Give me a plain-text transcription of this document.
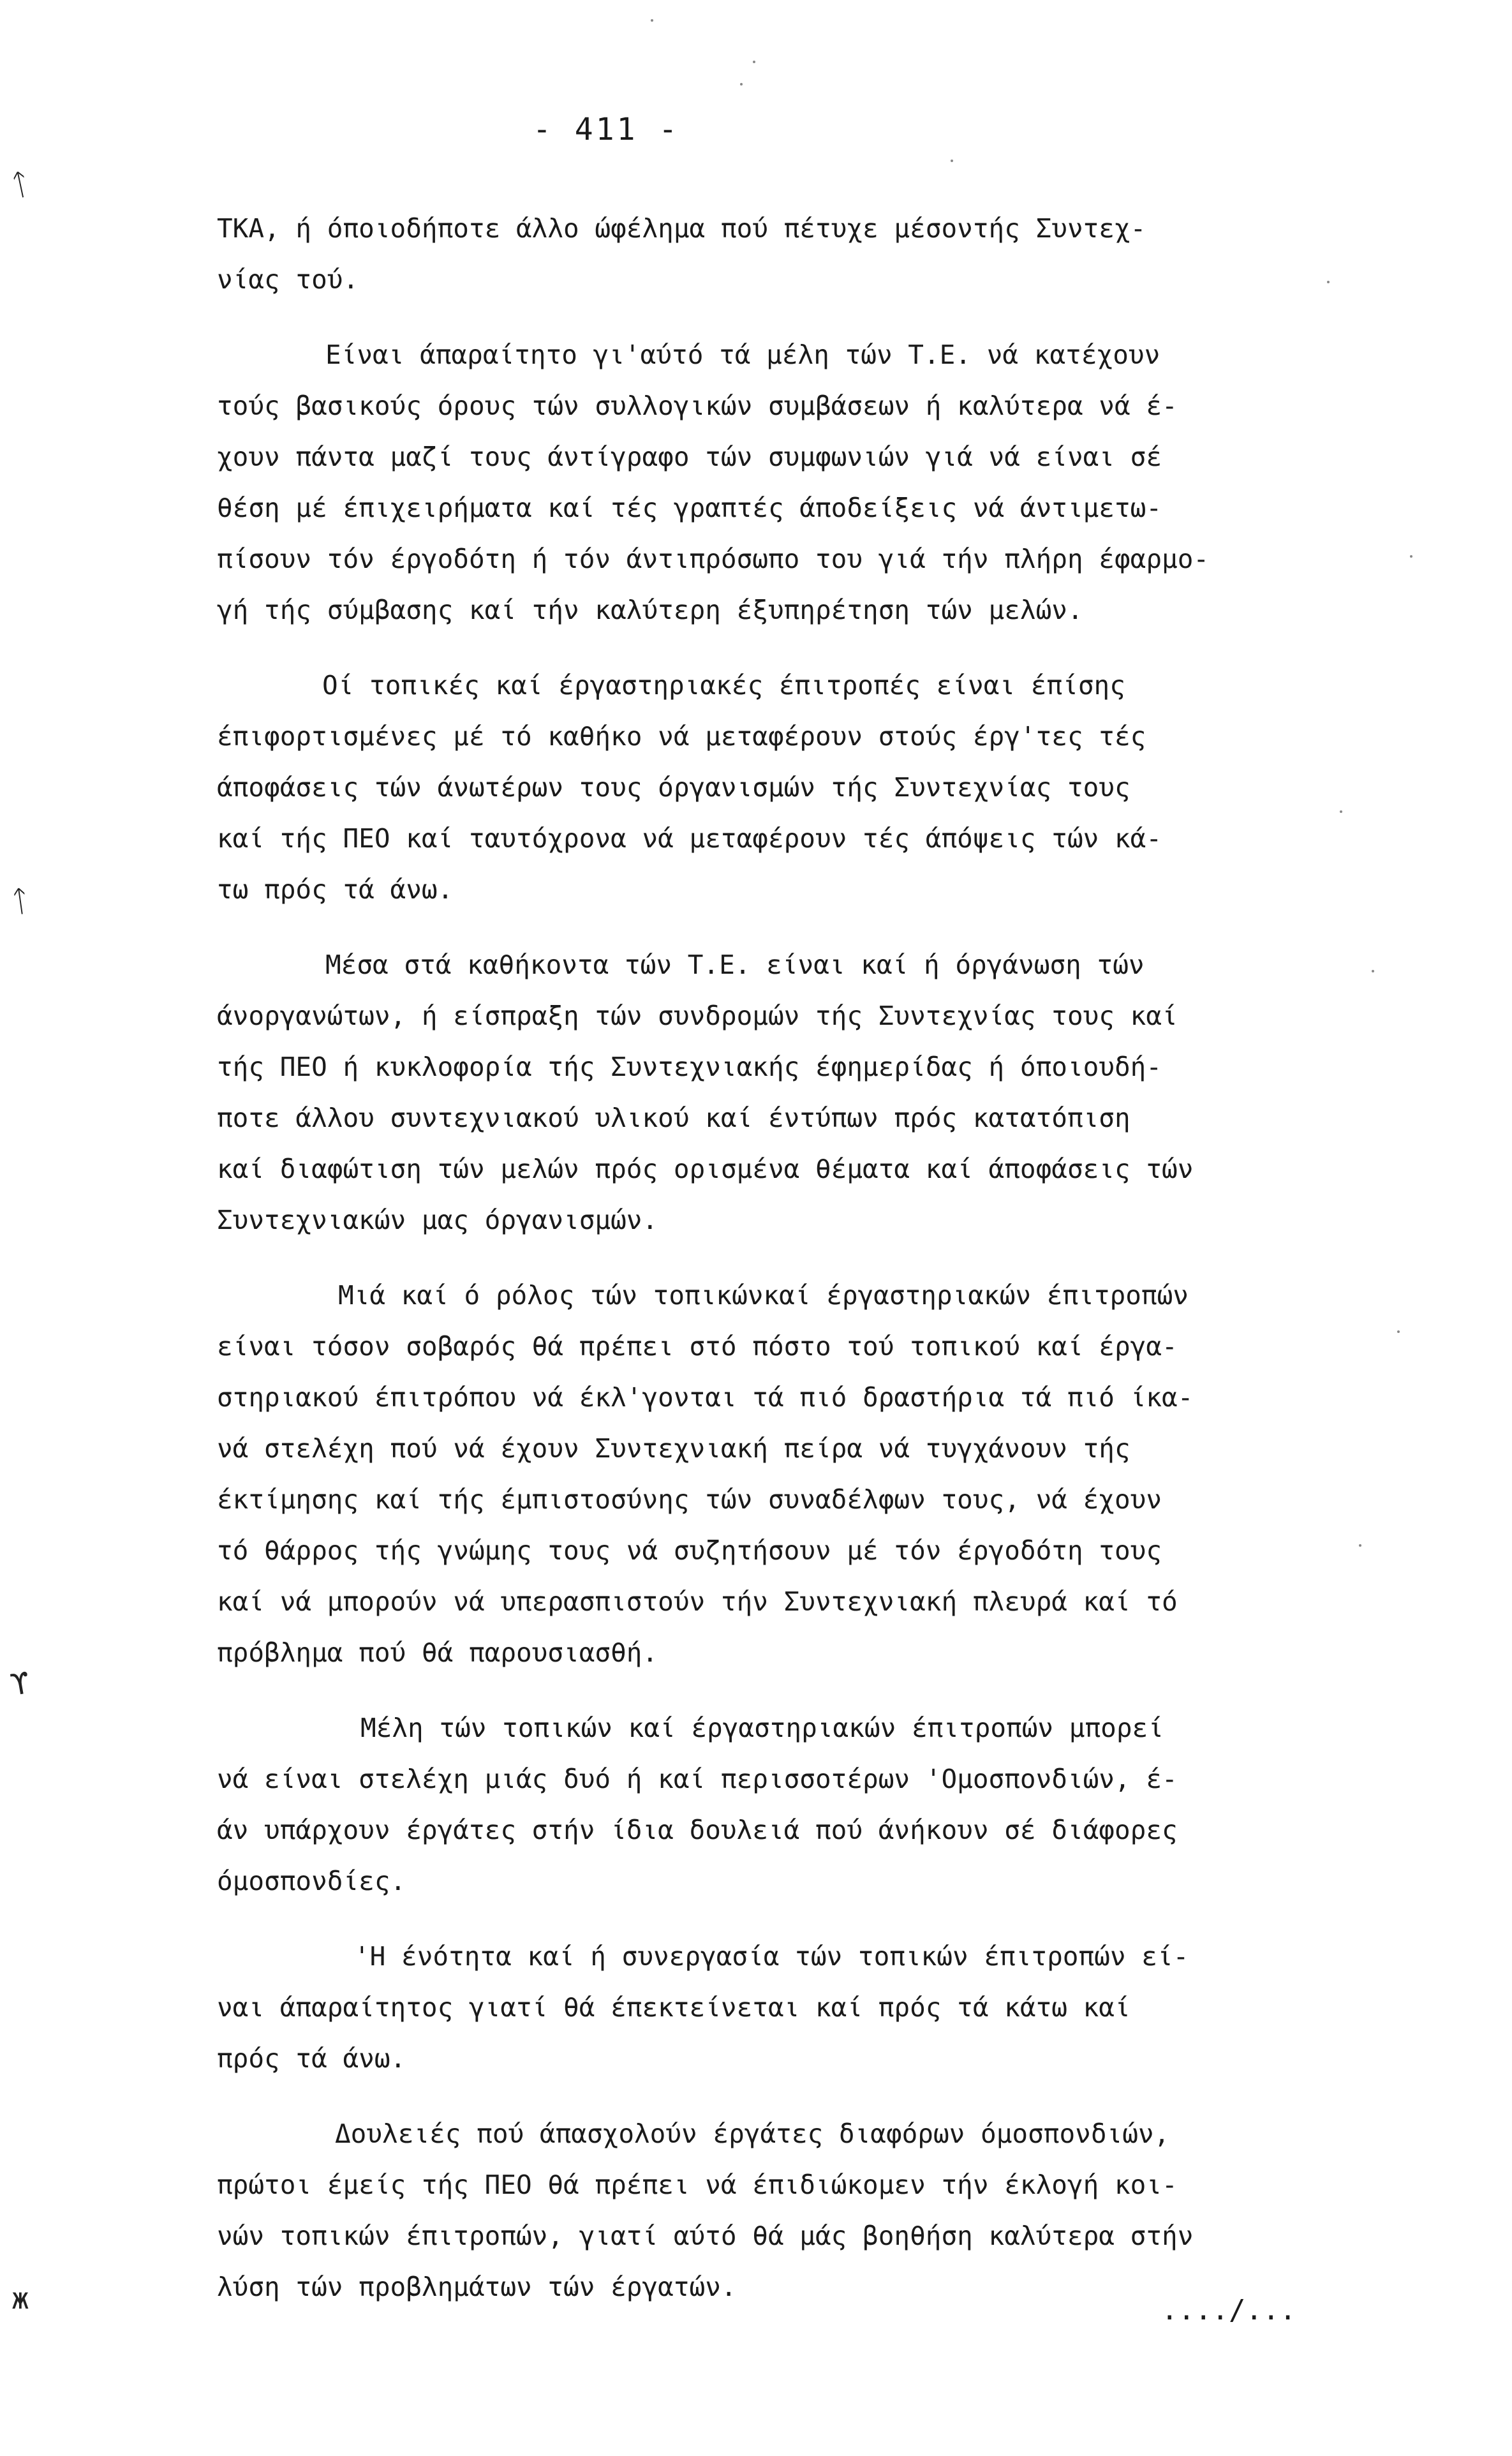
- 411 -
ᛏ
ᛏ
ϒ
ж
ΤΚΑ, ή όποιοδήποτε άλλο ώφέλημα πού πέτυχε μέσοντής Συντεχ-
νίας τού.
Είναι άπαραίτητο γι'αύτό τά μέλη τών Τ.Ε. νά κατέχουν
τούς βασικούς όρους τών συλλογικών συμβάσεων ή καλύτερα νά έ-
χουν πάντα μαζί τους άντίγραφο τών συμφωνιών γιά νά είναι σέ
θέση μέ έπιχειρήματα καί τές γραπτές άποδείξεις νά άντιμετω-
πίσουν τόν έργοδότη ή τόν άντιπρόσωπο του γιά τήν πλήρη έφαρμο-
γή τής σύμβασης καί τήν καλύτερη έξυπηρέτηση τών μελών.
Οί τοπικές καί έργαστηριακές έπιτροπές είναι έπίσης
έπιφορτισμένες μέ τό καθήκο νά μεταφέρουν στούς έργ'τες τές
άποφάσεις τών άνωτέρων τους όργανισμών τής Συντεχνίας τους
καί τής ΠΕΟ καί ταυτόχρονα νά μεταφέρουν τές άπόψεις τών κά-
τω πρός τά άνω.
Μέσα στά καθήκοντα τών Τ.Ε. είναι καί ή όργάνωση τών
άνοργανώτων, ή είσπραξη τών συνδρομών τής Συντεχνίας τους καί
τής ΠΕΟ ή κυκλοφορία τής Συντεχνιακής έφημερίδας ή όποιουδή-
ποτε άλλου συντεχνιακού υλικού καί έντύπων πρός κατατόπιση
καί διαφώτιση τών μελών πρός ορισμένα θέματα καί άποφάσεις τών
Συντεχνιακών μας όργανισμών.
Μιά καί ό ρόλος τών τοπικώνκαί έργαστηριακών έπιτροπών
είναι τόσον σοβαρός θά πρέπει στό πόστο τού τοπικού καί έργα-
στηριακού έπιτρόπου νά έκλ'γονται τά πιό δραστήρια τά πιό ίκα-
νά στελέχη πού νά έχουν Συντεχνιακή πείρα νά τυγχάνουν τής
έκτίμησης καί τής έμπιστοσύνης τών συναδέλφων τους, νά έχουν
τό θάρρος τής γνώμης τους νά συζητήσουν μέ τόν έργοδότη τους
καί νά μπορούν νά υπερασπιστούν τήν Συντεχνιακή πλευρά καί τό
πρόβλημα πού θά παρουσιασθή.
Μέλη τών τοπικών καί έργαστηριακών έπιτροπών μπορεί
νά είναι στελέχη μιάς δυό ή καί περισσοτέρων 'Ομοσπονδιών, έ-
άν υπάρχουν έργάτες στήν ίδια δουλειά πού άνήκουν σέ διάφορες
όμοσπονδίες.
'Η ένότητα καί ή συνεργασία τών τοπικών έπιτροπών εί-
ναι άπαραίτητος γιατί θά έπεκτείνεται καί πρός τά κάτω καί
πρός τά άνω.
Δουλειές πού άπασχολούν έργάτες διαφόρων όμοσπονδιών,
πρώτοι έμείς τής ΠΕΟ θά πρέπει νά έπιδιώκομεν τήν έκλογή κοι-
νών τοπικών έπιτροπών, γιατί αύτό θά μάς βοηθήση καλύτερα στήν
λύση τών προβλημάτων τών έργατών.
..../...
